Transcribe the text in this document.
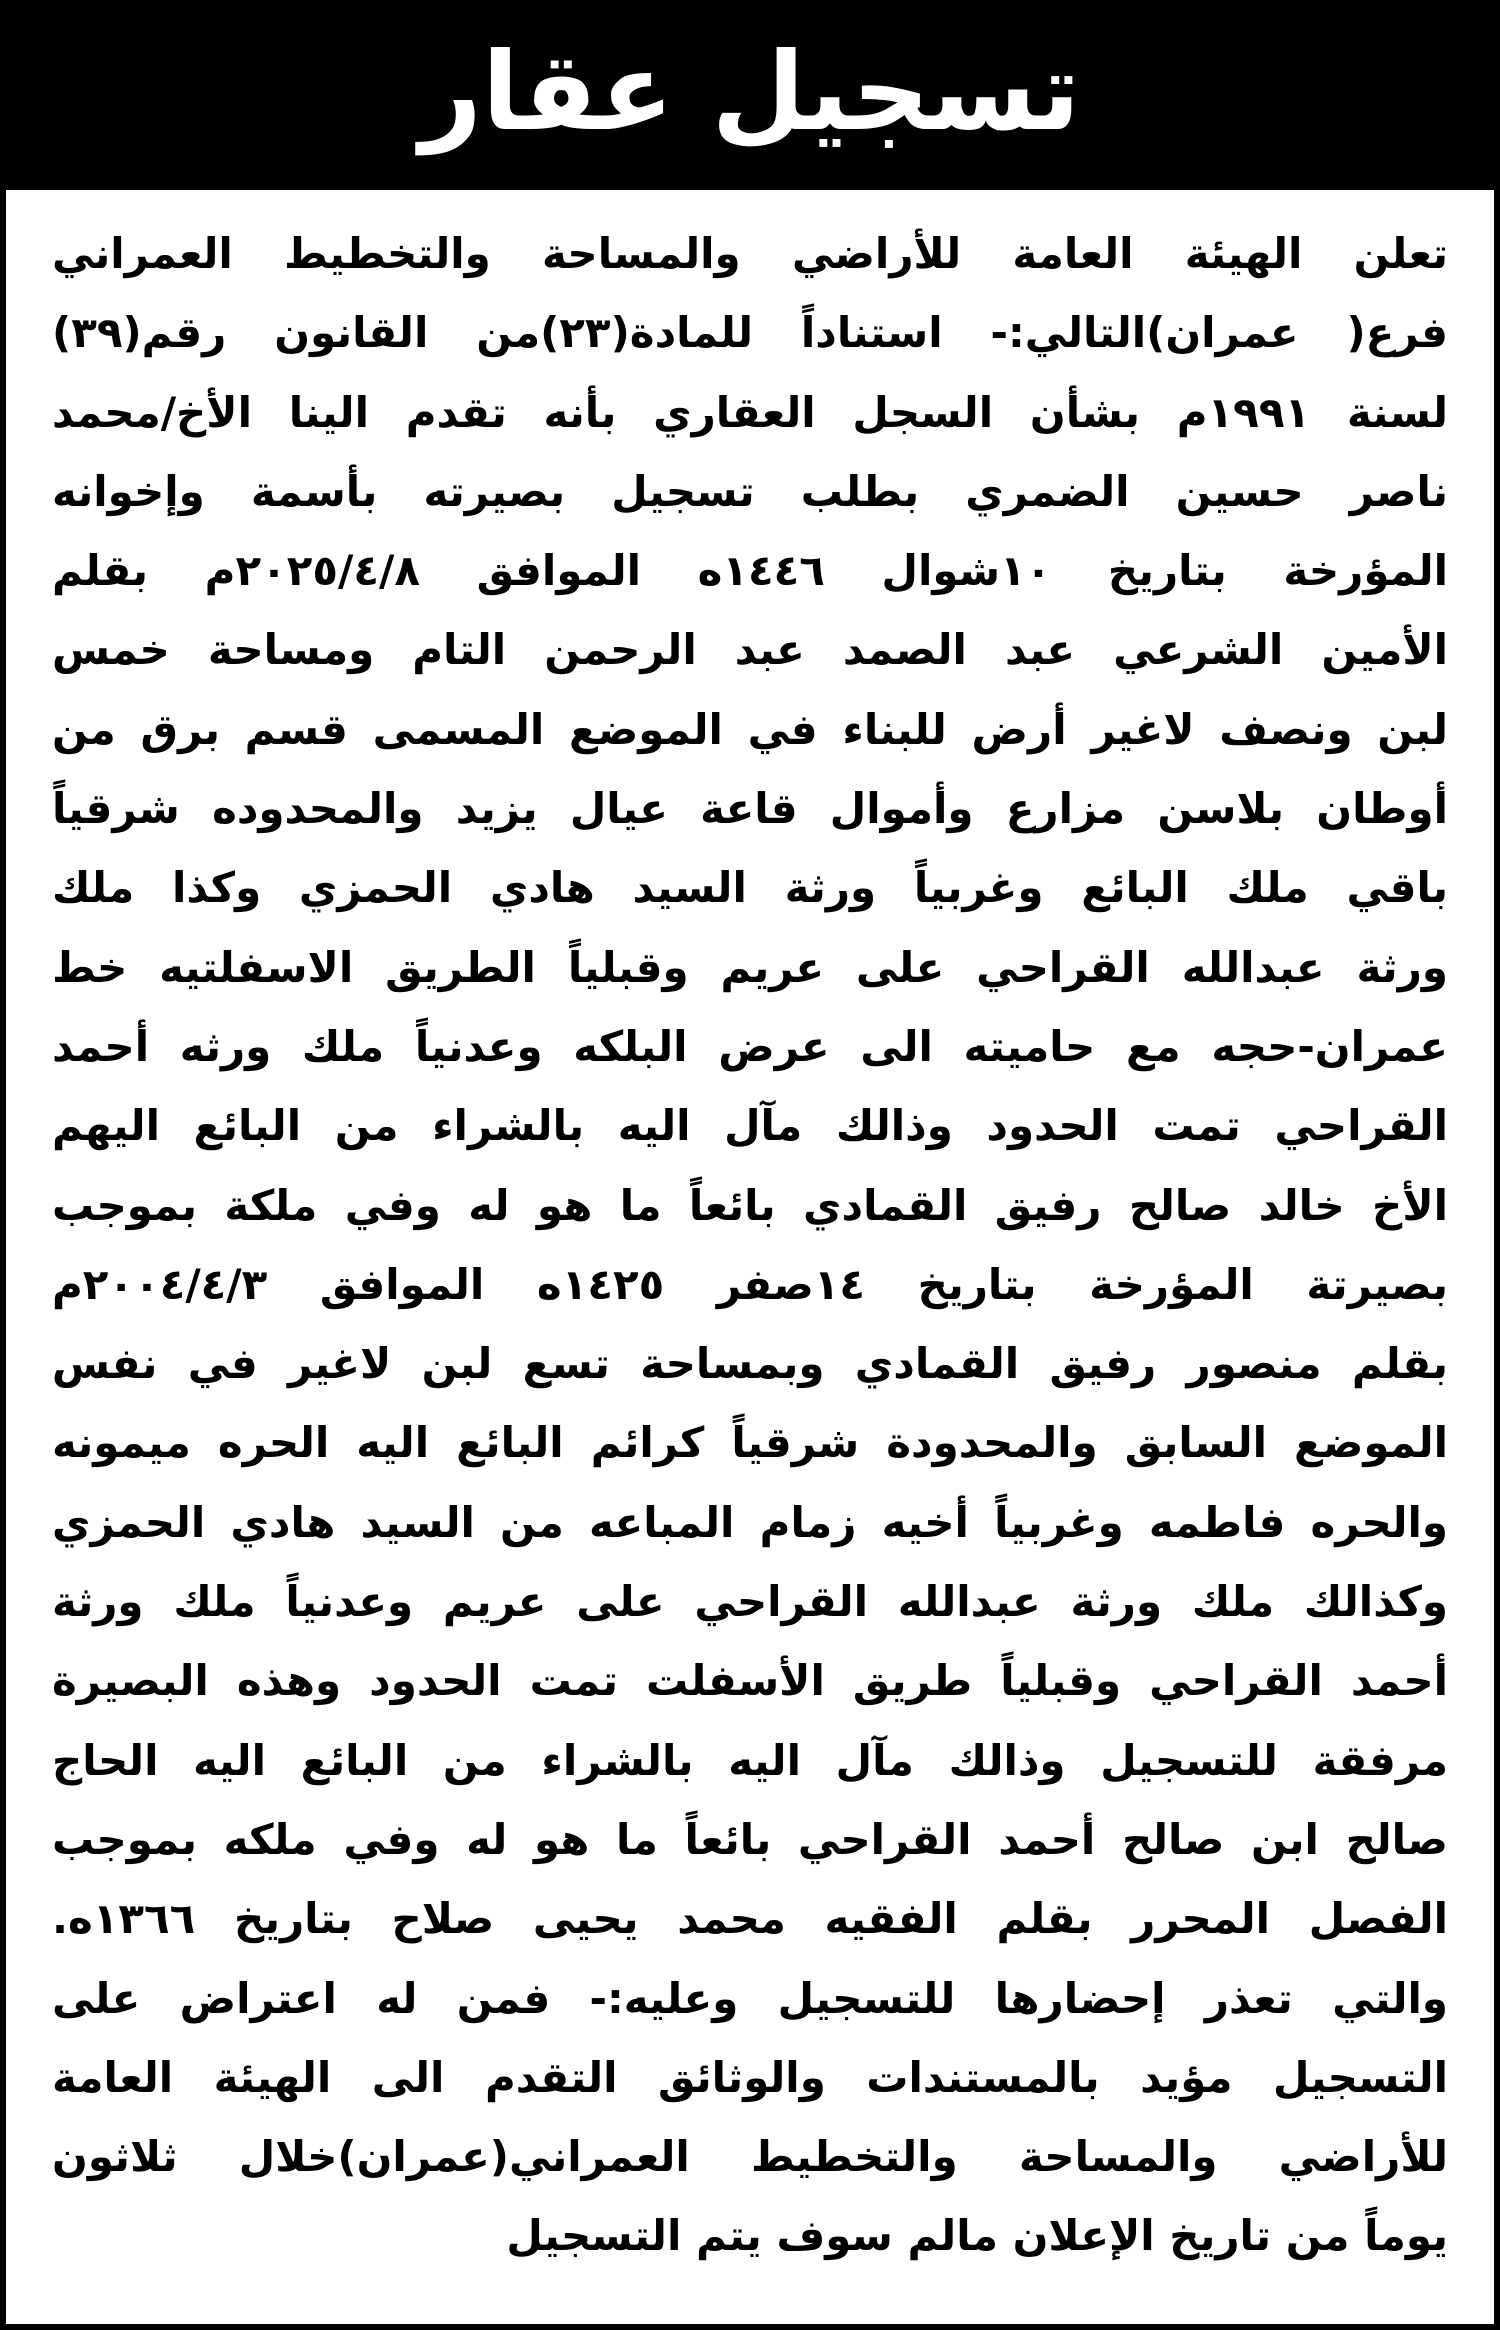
تسجيل عقار
تعلن الهيئة العامة للأراضي والمساحة والتخطيط العمراني
فرع( عمران)التالي:- استناداً للمادة(٢٣)من القانون رقم(٣٩)
لسنة ١٩٩١م بشأن السجل العقاري بأنه تقدم الينا الأخ/محمد
ناصر حسين الضمري بطلب تسجيل بصيرته بأسمة وإخوانه
المؤرخة بتاريخ ١٠شوال ١٤٤٦ه الموافق ٢٠٢٥/٤/٨م بقلم
الأمين الشرعي عبد الصمد عبد الرحمن التام ومساحة خمس
لبن ونصف لاغير أرض للبناء في الموضع المسمى قسم برق من
أوطان بلاسن مزارع وأموال قاعة عيال يزيد والمحدوده شرقياً
باقي ملك البائع وغربياً ورثة السيد هادي الحمزي وكذا ملك
ورثة عبدالله القراحي على عريم وقبلياً الطريق الاسفلتيه خط
عمران-حجه مع حاميته الى عرض البلكه وعدنياً ملك ورثه أحمد
القراحي تمت الحدود وذالك مآل اليه بالشراء من البائع اليهم
الأخ خالد صالح رفيق القمادي بائعاً ما هو له وفي ملكة بموجب
بصيرتة المؤرخة بتاريخ ١٤صفر ١٤٢٥ه الموافق ٢٠٠٤/٤/٣م
بقلم منصور رفيق القمادي وبمساحة تسع لبن لاغير في نفس
الموضع السابق والمحدودة شرقياً كرائم البائع اليه الحره ميمونه
والحره فاطمه وغربياً أخيه زمام المباعه من السيد هادي الحمزي
وكذالك ملك ورثة عبدالله القراحي على عريم وعدنياً ملك ورثة
أحمد القراحي وقبلياً طريق الأسفلت تمت الحدود وهذه البصيرة
مرفقة للتسجيل وذالك مآل اليه بالشراء من البائع اليه الحاج
صالح ابن صالح أحمد القراحي بائعاً ما هو له وفي ملكه بموجب
الفصل المحرر بقلم الفقيه محمد يحيى صلاح بتاريخ ١٣٦٦ه.
والتي تعذر إحضارها للتسجيل وعليه:- فمن له اعتراض على
التسجيل مؤيد بالمستندات والوثائق التقدم الى الهيئة العامة
للأراضي والمساحة والتخطيط العمراني(عمران)خلال ثلاثون
يوماً من تاريخ الإعلان مالم سوف يتم التسجيل
